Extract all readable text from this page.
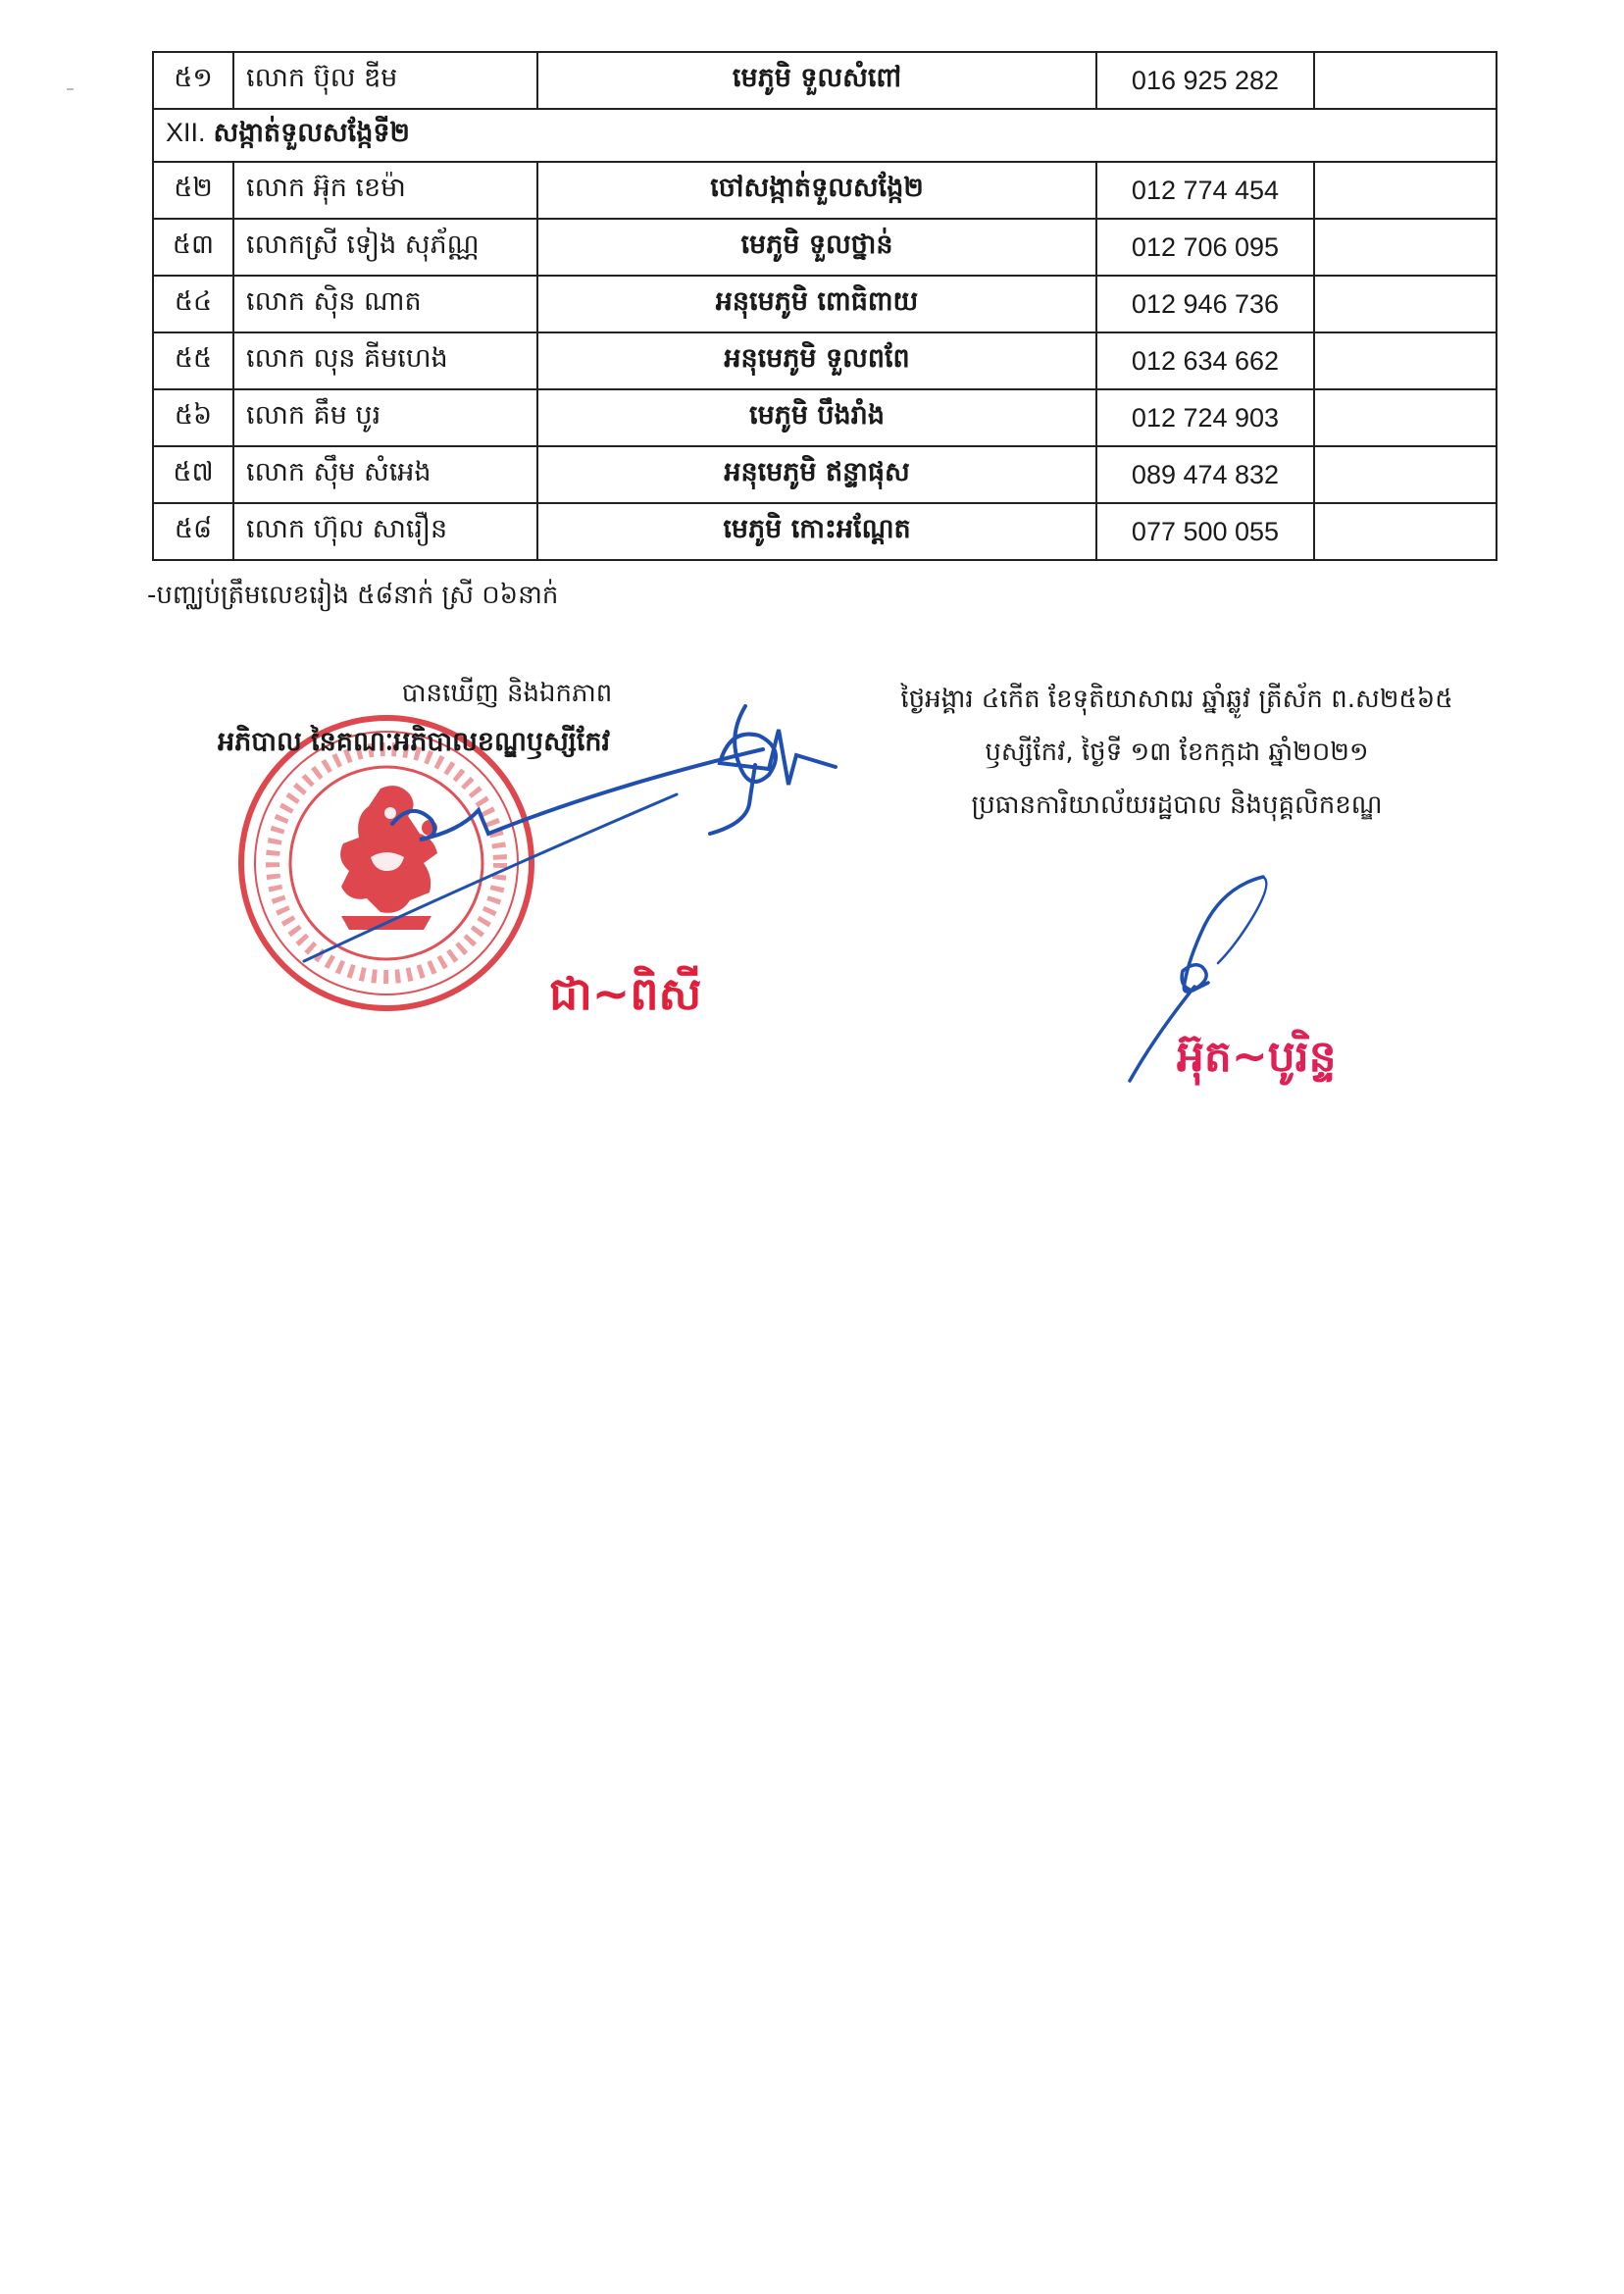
៥១	លោក ប៊ុល ឌីម	មេភូមិ ទួលសំពៅ	016 925 282	
XII. សង្កាត់ទួលសង្កែទី២				
៥២	លោក អ៊ុក ខេម៉ា	ចៅសង្កាត់ទួលសង្កែ២	012 774 454	
៥៣	លោកស្រី ទៀង សុភ័ណ្ណ	មេភូមិ ទួលថ្នាន់	012 706 095	
៥៤	លោក ស៊ិន ណាត	អនុមេភូមិ ពោធិពាយ	012 946 736	
៥៥	លោក លុន គីមហេង	អនុមេភូមិ ទួលពពែ	012 634 662	
៥៦	លោក គឹម បូរ	មេភូមិ បឹងរាំង	012 724 903	
៥៧	លោក ស៊ឹម សំអេង	អនុមេភូមិ ឥន្ទាផុស	089 474 832	
៥៨	លោក ហ៊ុល សារឿន	មេភូមិ កោះអណ្តែត	077 500 055	
-បញ្ឈប់ត្រឹមលេខរៀង ៥៨នាក់ ស្រី ០៦នាក់
បានឃើញ និងឯកភាព
អភិបាល នៃគណៈអភិបាលខណ្ឌឫស្សីកែវ
ជា~ពិសី
ថ្ងៃអង្គារ ៤កើត ខែទុតិយាសាឍ ឆ្នាំឆ្លូវ ត្រីស័ក ព.ស២៥៦៥
ឫស្សីកែវ, ថ្ងៃទី ១៣ ខែកក្កដា ឆ្នាំ២០២១
ប្រធានការិយាល័យរដ្ឋបាល និងបុគ្គលិកខណ្ឌ
អ៊ុត~បូរិន្ទ
